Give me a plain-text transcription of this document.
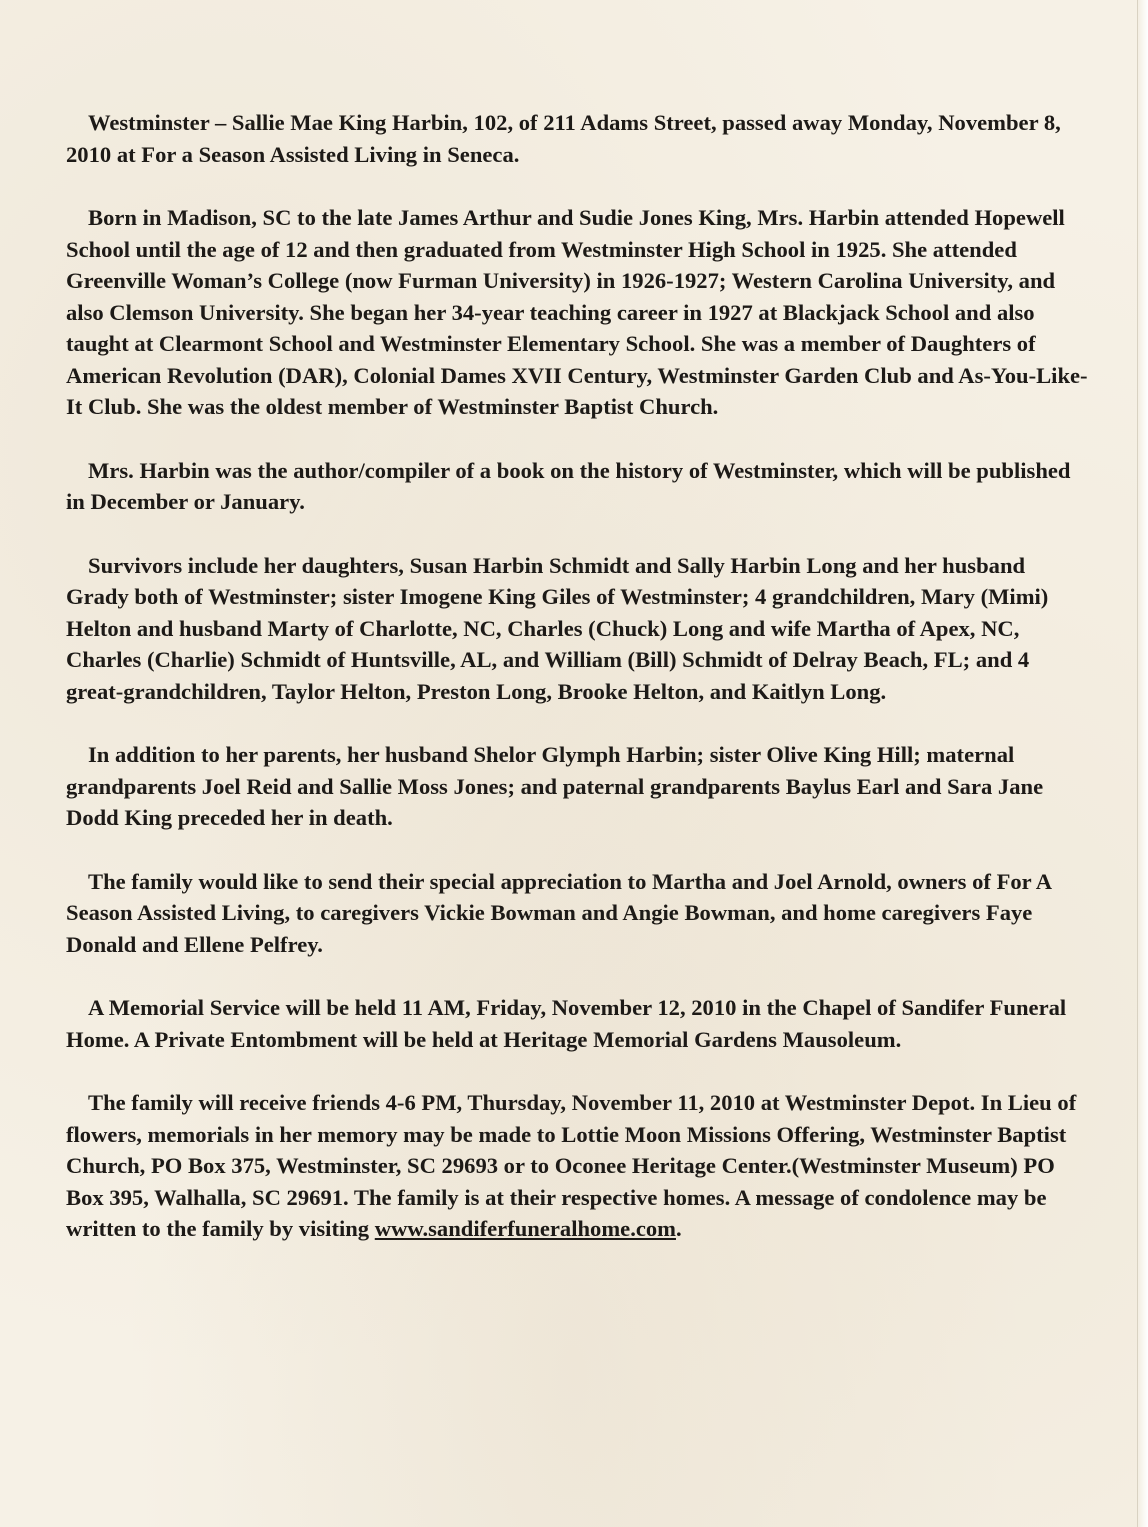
Westminster – Sallie Mae King Harbin, 102, of 211 Adams Street, passed away Monday, November 8, 2010 at For a Season Assisted Living in Seneca.

Born in Madison, SC to the late James Arthur and Sudie Jones King, Mrs. Harbin attended Hopewell School until the age of 12 and then graduated from Westminster High School in 1925. She attended Greenville Woman’s College (now Furman University) in 1926-1927; Western Carolina University, and also Clemson University. She began her 34-year teaching career in 1927 at Blackjack School and also taught at Clearmont School and Westminster Elementary School. She was a member of Daughters of American Revolution (DAR), Colonial Dames XVII Century, Westminster Garden Club and As-You-Like-It Club. She was the oldest member of Westminster Baptist Church.

Mrs. Harbin was the author/compiler of a book on the history of Westminster, which will be published in December or January.

Survivors include her daughters, Susan Harbin Schmidt and Sally Harbin Long and her husband Grady both of Westminster; sister Imogene King Giles of Westminster; 4 grandchildren, Mary (Mimi) Helton and husband Marty of Charlotte, NC, Charles (Chuck) Long and wife Martha of Apex, NC, Charles (Charlie) Schmidt of Huntsville, AL, and William (Bill) Schmidt of Delray Beach, FL; and 4 great-grandchildren, Taylor Helton, Preston Long, Brooke Helton, and Kaitlyn Long.

In addition to her parents, her husband Shelor Glymph Harbin; sister Olive King Hill; maternal grandparents Joel Reid and Sallie Moss Jones; and paternal grandparents Baylus Earl and Sara Jane Dodd King preceded her in death.

The family would like to send their special appreciation to Martha and Joel Arnold, owners of For A Season Assisted Living, to caregivers Vickie Bowman and Angie Bowman, and home caregivers Faye Donald and Ellene Pelfrey.

A Memorial Service will be held 11 AM, Friday, November 12, 2010 in the Chapel of Sandifer Funeral Home. A Private Entombment will be held at Heritage Memorial Gardens Mausoleum.

The family will receive friends 4-6 PM, Thursday, November 11, 2010 at Westminster Depot. In Lieu of flowers, memorials in her memory may be made to Lottie Moon Missions Offering, Westminster Baptist Church, PO Box 375, Westminster, SC 29693 or to Oconee Heritage Center.(Westminster Museum) PO Box 395, Walhalla, SC 29691. The family is at their respective homes. A message of condolence may be written to the family by visiting www.sandiferfuneralhome.com.
